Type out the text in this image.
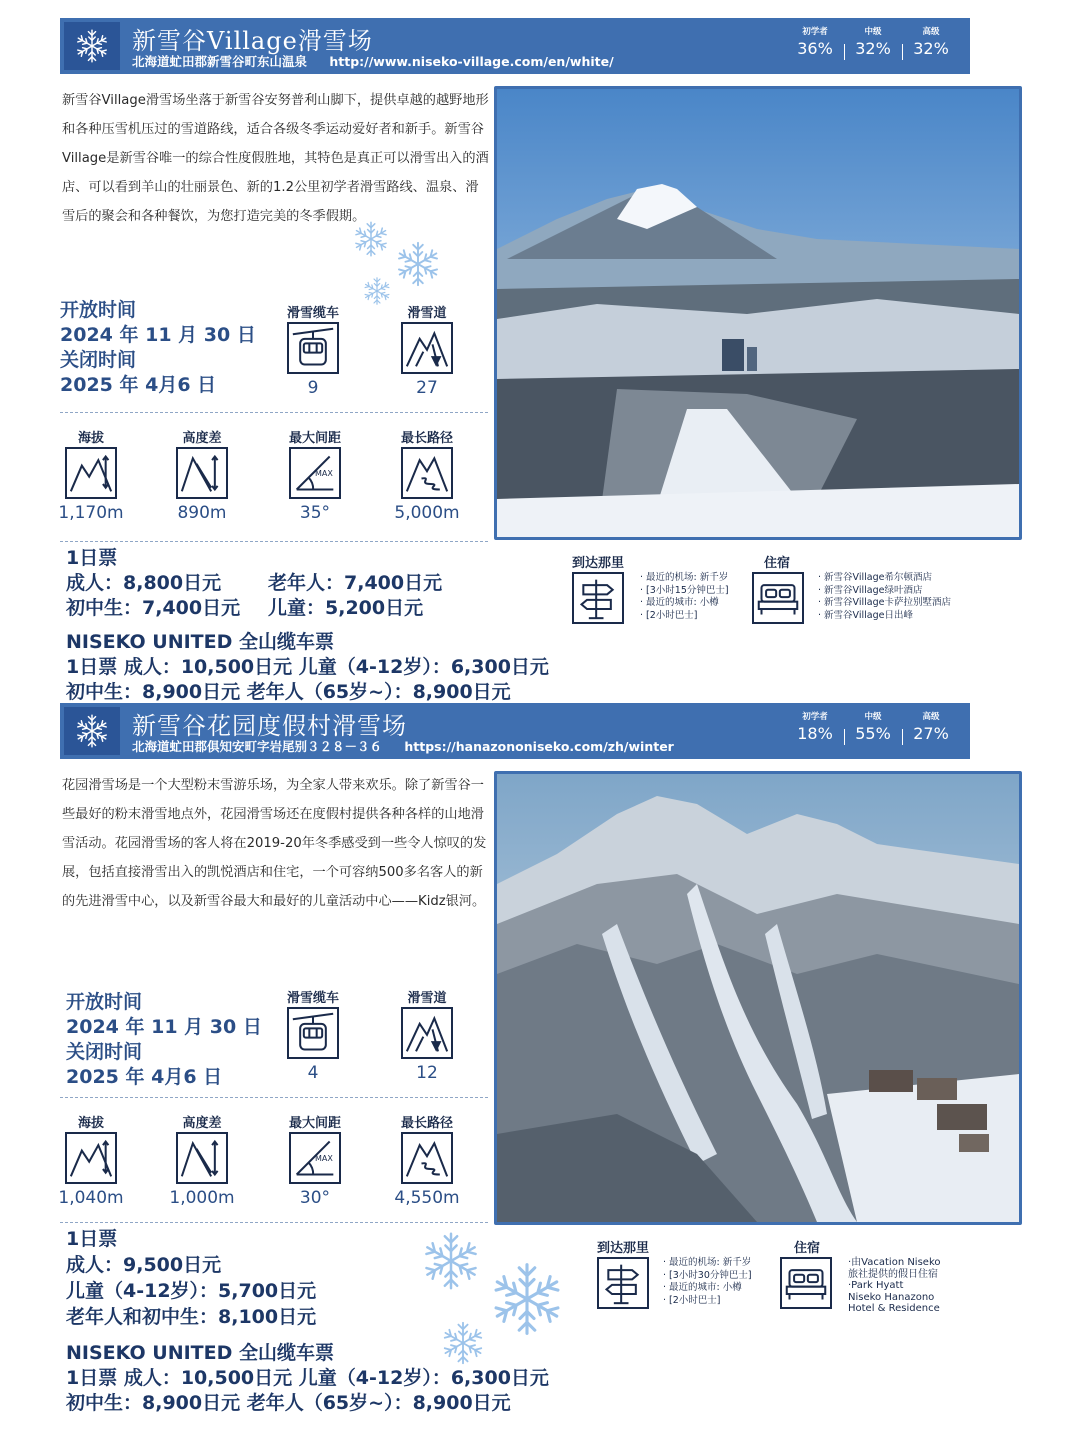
新雪谷Village滑雪场
北海道虻田郡新雪谷町东山温泉 http://www.niseko-village.com/en/white/
初学者
36%
中级
32%
高级
32%

新雪谷Village滑雪场坐落于新雪谷安努普利山脚下，提供卓越的越野地形和各种压雪机压过的雪道路线，适合各级冬季运动爱好者和新手。新雪谷Village是新雪谷唯一的综合性度假胜地，其特色是真正可以滑雪出入的酒店、可以看到羊山的壮丽景色、新的1.2公里初学者滑雪路线、温泉、滑雪后的聚会和各种餐饮，为您打造完美的冬季假期。

开放时间
2024 年 11 月 30 日
关闭时间
2025 年 4月6 日
滑雪缆车
9
滑雪道
27
海拔
1,170m
高度差
890m
最大间距
MAX
35°
最长路径
5,000m
1日票
成人：8,800日元
初中生：7,400日元
老年人：7,400日元
儿童：5,200日元
NISEKO UNITED 全山缆车票
1日票 成人：10,500日元 儿童（4-12岁）：6,300日元
初中生：8,900日元 老年人（65岁~）：8,900日元
到达那里
· 最近的机场: 新千岁
· [3小时15分钟巴士]
· 最近的城市: 小樽
· [2小时巴士]
住宿
· 新雪谷Village希尔顿酒店
· 新雪谷Village绿叶酒店
· 新雪谷Village卡萨拉别墅酒店
· 新雪谷Village日出峰
新雪谷花园度假村滑雪场
北海道虻田郡俱知安町字岩尾别３２８－３６ https://hanazononiseko.com/zh/winter
初学者
18%
中级
55%
高级
27%

花园滑雪场是一个大型粉末雪游乐场，为全家人带来欢乐。除了新雪谷一些最好的粉末滑雪地点外，花园滑雪场还在度假村提供各种各样的山地滑雪活动。花园滑雪场的客人将在2019-20年冬季感受到一些令人惊叹的发展，包括直接滑雪出入的凯悦酒店和住宅，一个可容纳500多名客人的新的先进滑雪中心，以及新雪谷最大和最好的儿童活动中心——Kidz银河。

开放时间
2024 年 11 月 30 日
关闭时间
2025 年 4月6 日
滑雪缆车
4
滑雪道
12
海拔
1,040m
高度差
1,000m
最大间距
MAX
30°
最长路径
4,550m
1日票
成人：9,500日元
儿童（4-12岁）：5,700日元
老年人和初中生：8,100日元
NISEKO UNITED 全山缆车票
1日票 成人：10,500日元 儿童（4-12岁）：6,300日元
初中生：8,900日元 老年人（65岁~）：8,900日元
到达那里
· 最近的机场: 新千岁
· [3小时30分钟巴士]
· 最近的城市: 小樽
· [2小时巴士]
住宿
·由Vacation Niseko
旅社提供的假日住宿
·Park Hyatt
Niseko Hanazono
Hotel & Residence
